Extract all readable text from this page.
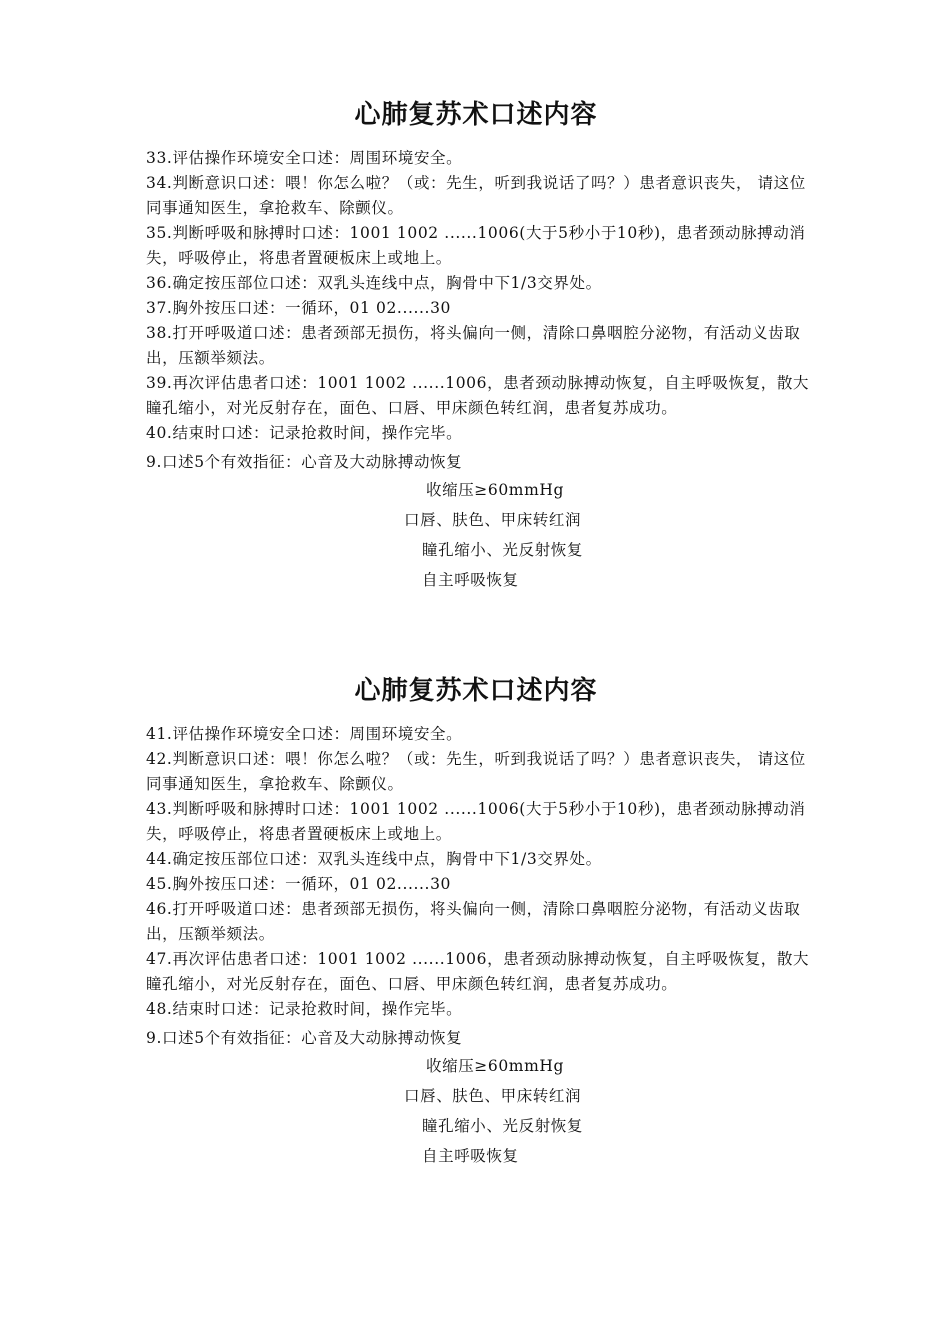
心肺复苏术口述内容

33.评估操作环境安全口述：周围环境安全。

34.判断意识口述：喂！你怎么啦？（或：先生，听到我说话了吗？）患者意识丧失， 请这位同事通知医生，拿抢救车、除颤仪。

35.判断呼吸和脉搏时口述：1001 1002 ......1006(大于5秒小于10秒)，患者颈动脉搏动消失，呼吸停止，将患者置硬板床上或地上。

36.确定按压部位口述：双乳头连线中点，胸骨中下1/3交界处。

37.胸外按压口述：一循环，01 02......30

38.打开呼吸道口述：患者颈部无损伤，将头偏向一侧，清除口鼻咽腔分泌物，有活动义齿取出，压额举颏法。

39.再次评估患者口述：1001 1002 ......1006，患者颈动脉搏动恢复，自主呼吸恢复，散大瞳孔缩小，对光反射存在，面色、口唇、甲床颜色转红润，患者复苏成功。

40.结束时口述：记录抢救时间，操作完毕。

9.口述5个有效指征：心音及大动脉搏动恢复

收缩压≥60mmHg
口唇、肤色、甲床转红润
瞳孔缩小、光反射恢复
自主呼吸恢复
心肺复苏术口述内容

41.评估操作环境安全口述：周围环境安全。

42.判断意识口述：喂！你怎么啦？（或：先生，听到我说话了吗？）患者意识丧失， 请这位同事通知医生，拿抢救车、除颤仪。

43.判断呼吸和脉搏时口述：1001 1002 ......1006(大于5秒小于10秒)，患者颈动脉搏动消失，呼吸停止，将患者置硬板床上或地上。

44.确定按压部位口述：双乳头连线中点，胸骨中下1/3交界处。

45.胸外按压口述：一循环，01 02......30

46.打开呼吸道口述：患者颈部无损伤，将头偏向一侧，清除口鼻咽腔分泌物，有活动义齿取出，压额举颏法。

47.再次评估患者口述：1001 1002 ......1006，患者颈动脉搏动恢复，自主呼吸恢复，散大瞳孔缩小，对光反射存在，面色、口唇、甲床颜色转红润，患者复苏成功。

48.结束时口述：记录抢救时间，操作完毕。

9.口述5个有效指征：心音及大动脉搏动恢复

收缩压≥60mmHg
口唇、肤色、甲床转红润
瞳孔缩小、光反射恢复
自主呼吸恢复
